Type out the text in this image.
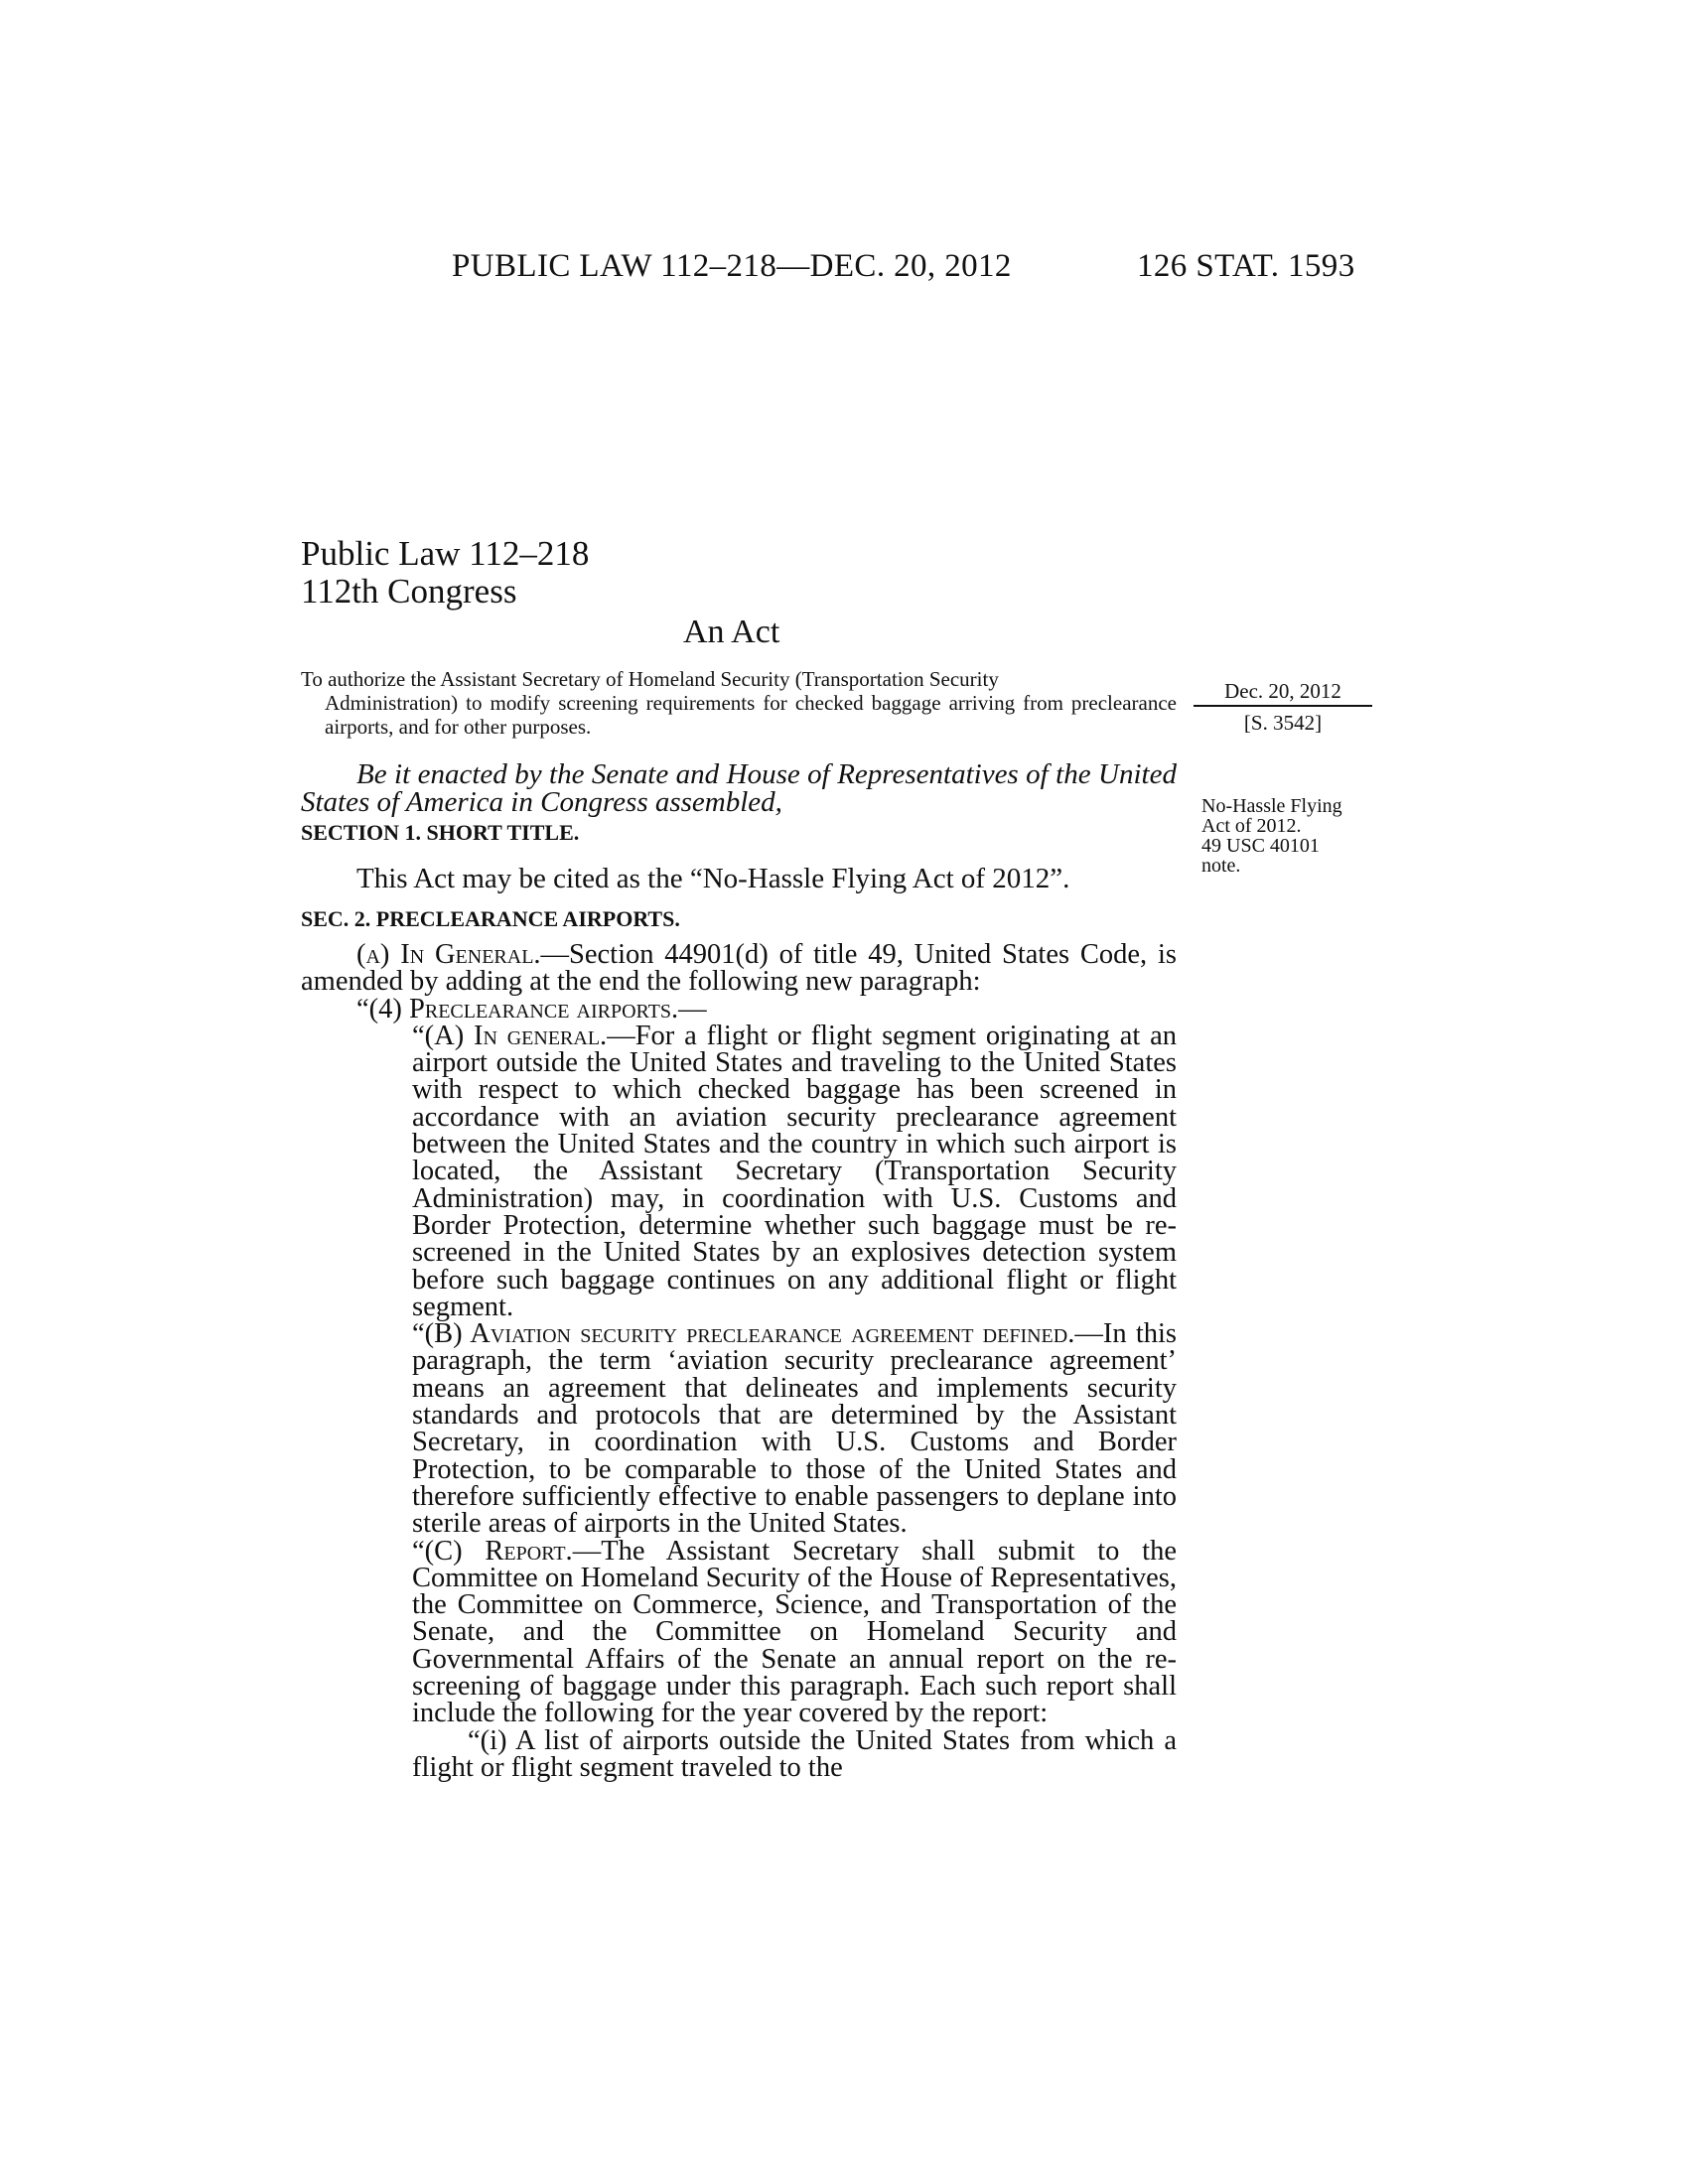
PUBLIC LAW 112–218—DEC. 20, 2012	126 STAT. 1593
Public Law 112–218
112th Congress
An Act
To authorize the Assistant Secretary of Homeland Security (Transportation Security
Administration) to modify screening requirements for checked baggage arriving from preclearance airports, and for other purposes.
Dec. 20, 2012
[S. 3542]
No-Hassle Flying
Act of 2012.
49 USC 40101
note.
Be it enacted by the Senate and House of Representatives of the United States of America in Congress assembled,
SECTION 1. SHORT TITLE.
This Act may be cited as the “No-Hassle Flying Act of 2012”.
SEC. 2. PRECLEARANCE AIRPORTS.

(a) In General.—Section 44901(d) of title 49, United States Code, is amended by adding at the end the following new paragraph:

“(4) Preclearance airports.—

“(A) In general.—For a flight or flight segment originating at an airport outside the United States and traveling to the United States with respect to which checked baggage has been screened in accordance with an aviation security preclearance agreement between the United States and the country in which such airport is located, the Assistant Secretary (Transportation Security Administration) may, in coordination with U.S. Customs and Border Protection, determine whether such baggage must be re-screened in the United States by an explosives detection system before such baggage continues on any additional flight or flight segment.

“(B) Aviation security preclearance agreement defined.—In this paragraph, the term ‘aviation security preclearance agreement’ means an agreement that delineates and implements security standards and protocols that are determined by the Assistant Secretary, in coordination with U.S. Customs and Border Protection, to be comparable to those of the United States and therefore sufficiently effective to enable passengers to deplane into sterile areas of airports in the United States.

“(C) Report.—The Assistant Secretary shall submit to the Committee on Homeland Security of the House of Representatives, the Committee on Commerce, Science, and Transportation of the Senate, and the Committee on Homeland Security and Governmental Affairs of the Senate an annual report on the re-screening of baggage under this paragraph. Each such report shall include the following for the year covered by the report:

“(i) A list of airports outside the United States from which a flight or flight segment traveled to the
